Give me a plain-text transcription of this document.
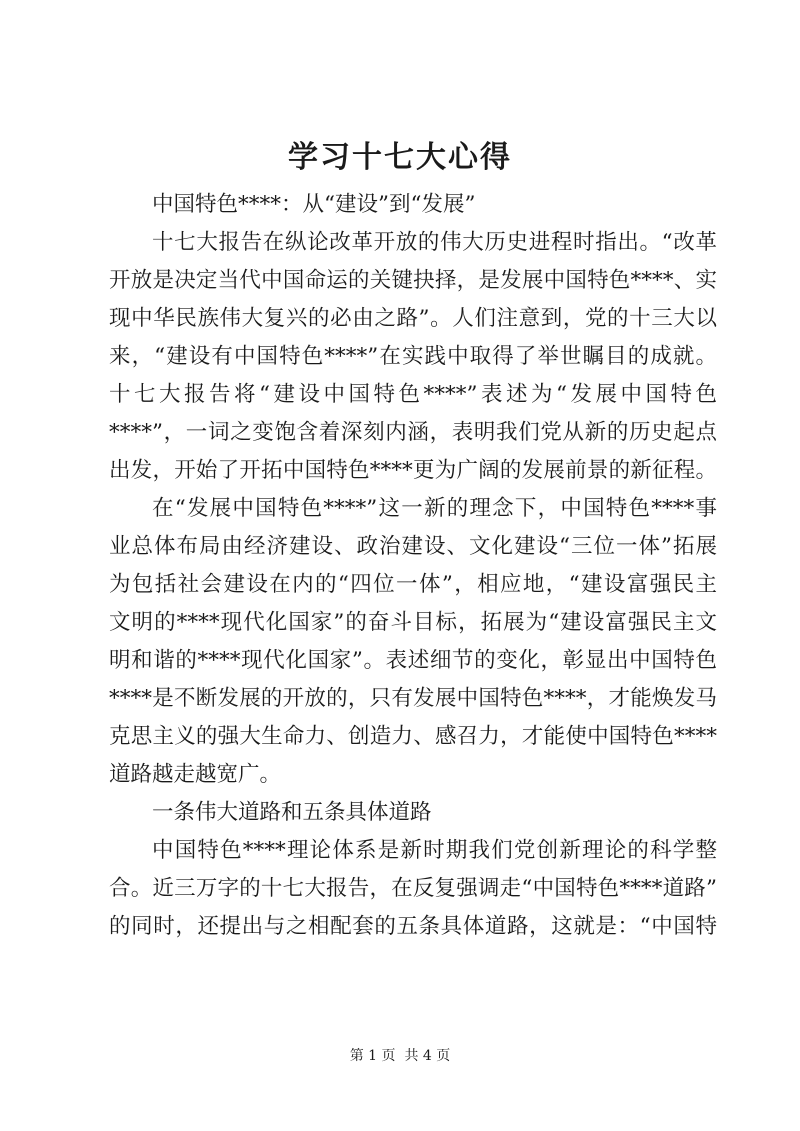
学习十七大心得
中国特色****：从“建设”到“发展”
十七大报告在纵论改革开放的伟大历史进程时指出。“改革
开放是决定当代中国命运的关键抉择，是发展中国特色****、实
现中华民族伟大复兴的必由之路”。人们注意到，党的十三大以
来，“建设有中国特色****”在实践中取得了举世瞩目的成就。
十七大报告将“建设中国特色****”表述为“发展中国特色
****”，一词之变饱含着深刻内涵，表明我们党从新的历史起点
出发，开始了开拓中国特色****更为广阔的发展前景的新征程。
在“发展中国特色****”这一新的理念下，中国特色****事
业总体布局由经济建设、政治建设、文化建设“三位一体”拓展
为包括社会建设在内的“四位一体”，相应地，“建设富强民主
文明的****现代化国家”的奋斗目标，拓展为“建设富强民主文
明和谐的****现代化国家”。表述细节的变化，彰显出中国特色
****是不断发展的开放的，只有发展中国特色****，才能焕发马
克思主义的强大生命力、创造力、感召力，才能使中国特色****
道路越走越宽广。
一条伟大道路和五条具体道路
中国特色****理论体系是新时期我们党创新理论的科学整
合。近三万字的十七大报告，在反复强调走“中国特色****道路”
的同时，还提出与之相配套的五条具体道路，这就是：“中国特
第 1 页  共 4 页
